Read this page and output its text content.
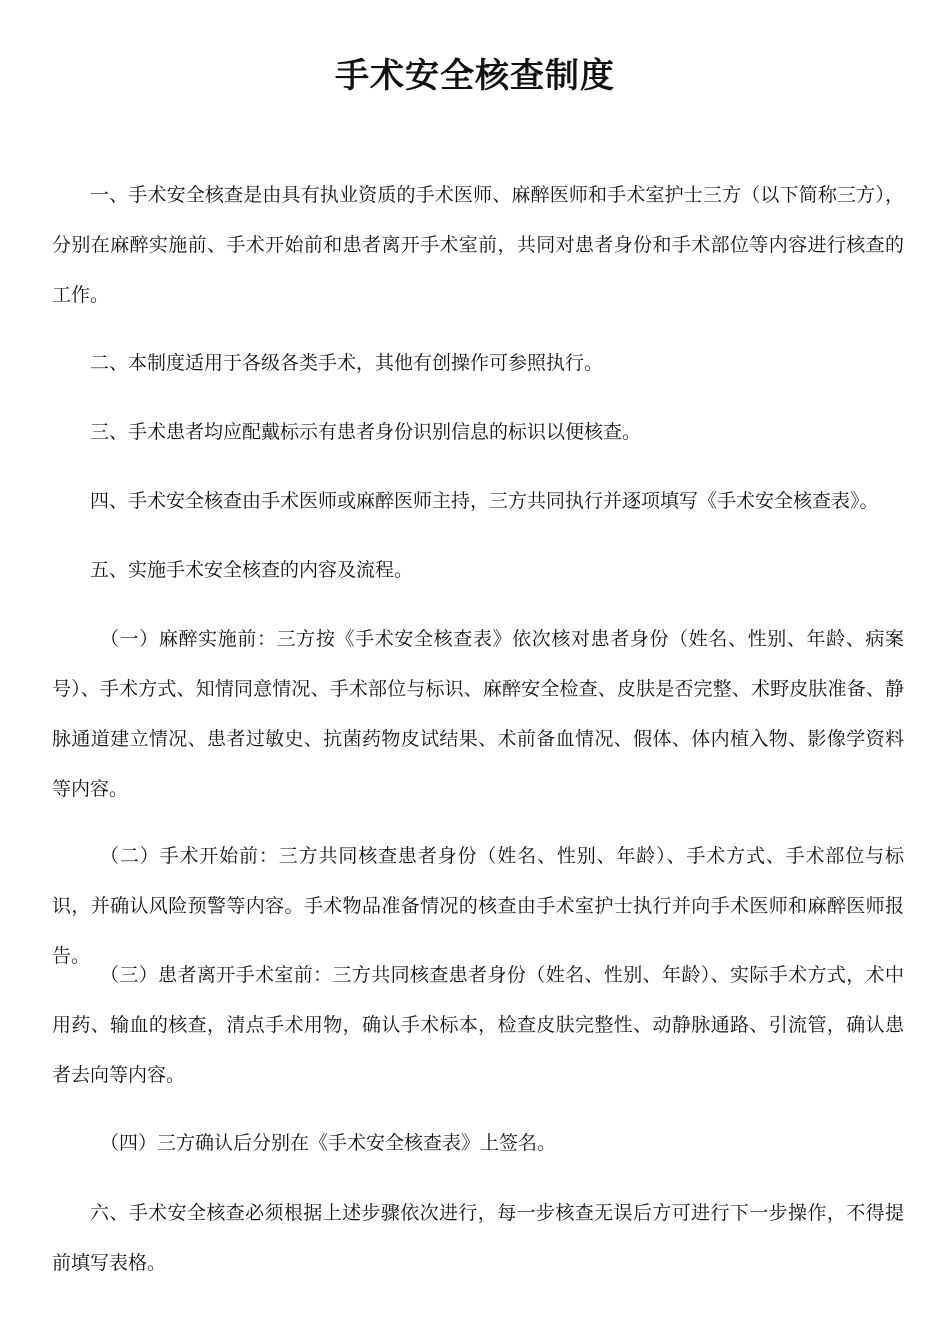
手术安全核查制度
一、手术安全核查是由具有执业资质的手术医师、麻醉医师和手术室护士三方（以下简称三方），分别在麻醉实施前、手术开始前和患者离开手术室前，共同对患者身份和手术部位等内容进行核查的工作。
二、本制度适用于各级各类手术，其他有创操作可参照执行。
三、手术患者均应配戴标示有患者身份识别信息的标识以便核查。
四、手术安全核查由手术医师或麻醉医师主持，三方共同执行并逐项填写《手术安全核查表》。
五、实施手术安全核查的内容及流程。
（一）麻醉实施前：三方按《手术安全核查表》依次核对患者身份（姓名、性别、年龄、病案号）、手术方式、知情同意情况、手术部位与标识、麻醉安全检查、皮肤是否完整、术野皮肤准备、静脉通道建立情况、患者过敏史、抗菌药物皮试结果、术前备血情况、假体、体内植入物、影像学资料等内容。
（二）手术开始前：三方共同核查患者身份（姓名、性别、年龄）、手术方式、手术部位与标识，并确认风险预警等内容。手术物品准备情况的核查由手术室护士执行并向手术医师和麻醉医师报告。
（三）患者离开手术室前：三方共同核查患者身份（姓名、性别、年龄）、实际手术方式，术中用药、输血的核查，清点手术用物，确认手术标本，检查皮肤完整性、动静脉通路、引流管，确认患者去向等内容。
（四）三方确认后分别在《手术安全核查表》上签名。
六、手术安全核查必须根据上述步骤依次进行，每一步核查无误后方可进行下一步操作，不得提前填写表格。
